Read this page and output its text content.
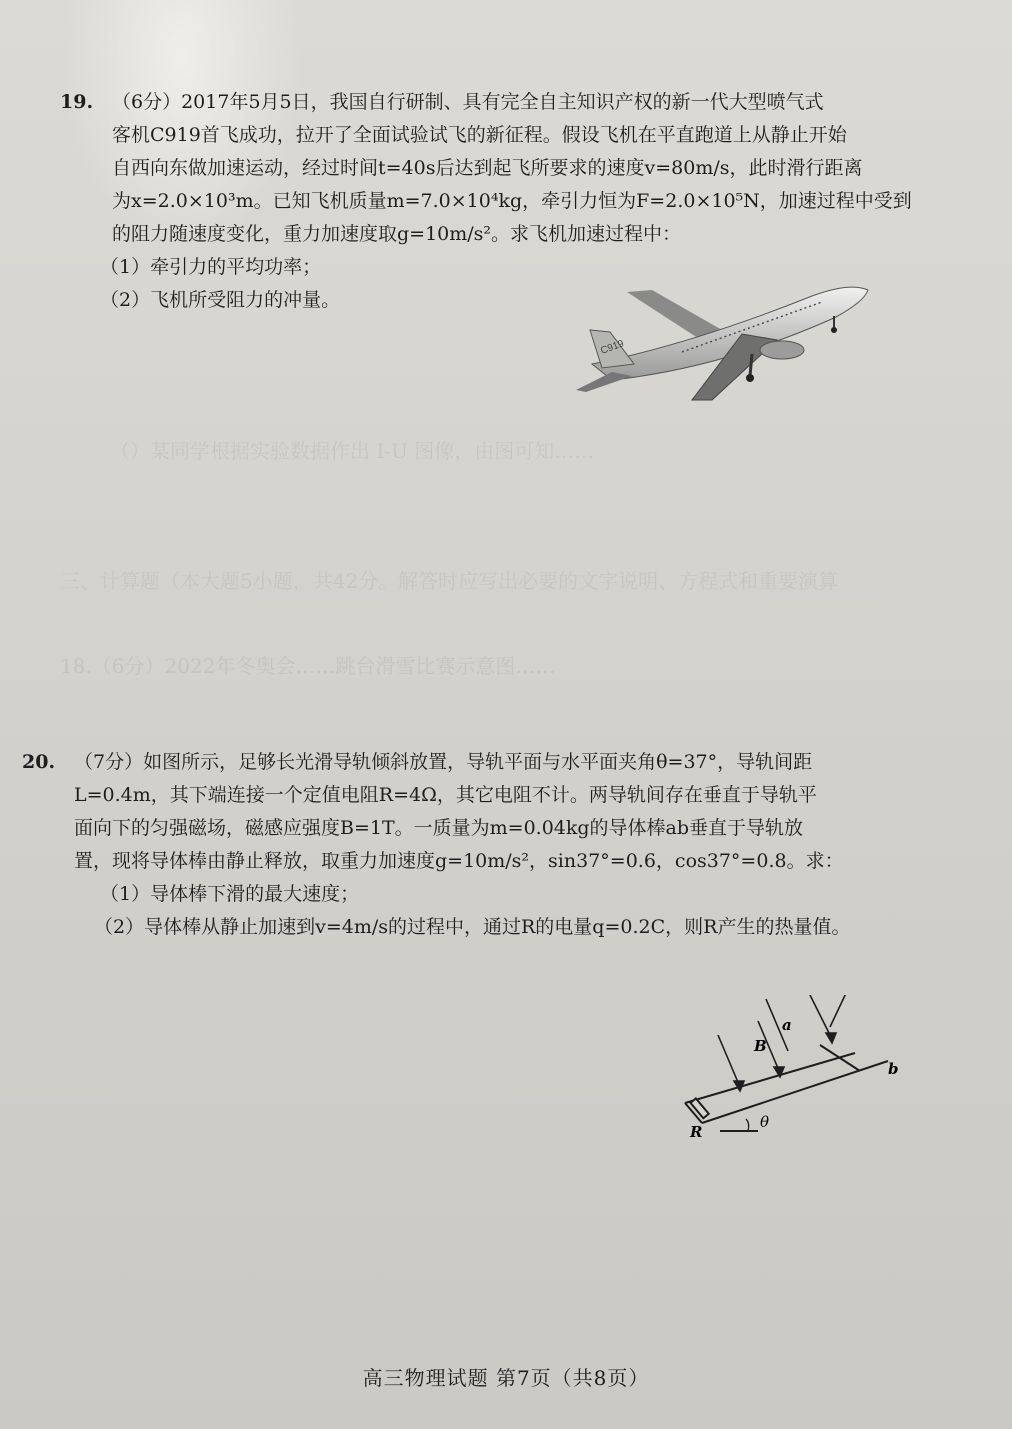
（）某同学根据实验数据作出 I-U 图像，由图可知……
三、计算题（本大题5小题，共42分。解答时应写出必要的文字说明、方程式和重要演算
18.（6分）2022年冬奥会……跳台滑雪比赛示意图……
19. （6分）2017年5月5日，我国自行研制、具有完全自主知识产权的新一代大型喷气式
客机C919首飞成功，拉开了全面试验试飞的新征程。假设飞机在平直跑道上从静止开始
自西向东做加速运动，经过时间t=40s后达到起飞所要求的速度v=80m/s，此时滑行距离
为x=2.0×10³m。已知飞机质量m=7.0×10⁴kg，牵引力恒为F=2.0×10⁵N，加速过程中受到
的阻力随速度变化，重力加速度取g=10m/s²。求飞机加速过程中：
（1）牵引力的平均功率；
（2）飞机所受阻力的冲量。
C919
20. （7分）如图所示，足够长光滑导轨倾斜放置，导轨平面与水平面夹角θ=37°，导轨间距
L=0.4m，其下端连接一个定值电阻R=4Ω，其它电阻不计。两导轨间存在垂直于导轨平
面向下的匀强磁场，磁感应强度B=1T。一质量为m=0.04kg的导体棒ab垂直于导轨放
置，现将导体棒由静止释放，取重力加速度g=10m/s²，sin37°=0.6，cos37°=0.8。求：
（1）导体棒下滑的最大速度；
（2）导体棒从静止加速到v=4m/s的过程中，通过R的电量q=0.2C，则R产生的热量值。
a
b
B
R
θ
高三物理试题 第7页（共8页）
